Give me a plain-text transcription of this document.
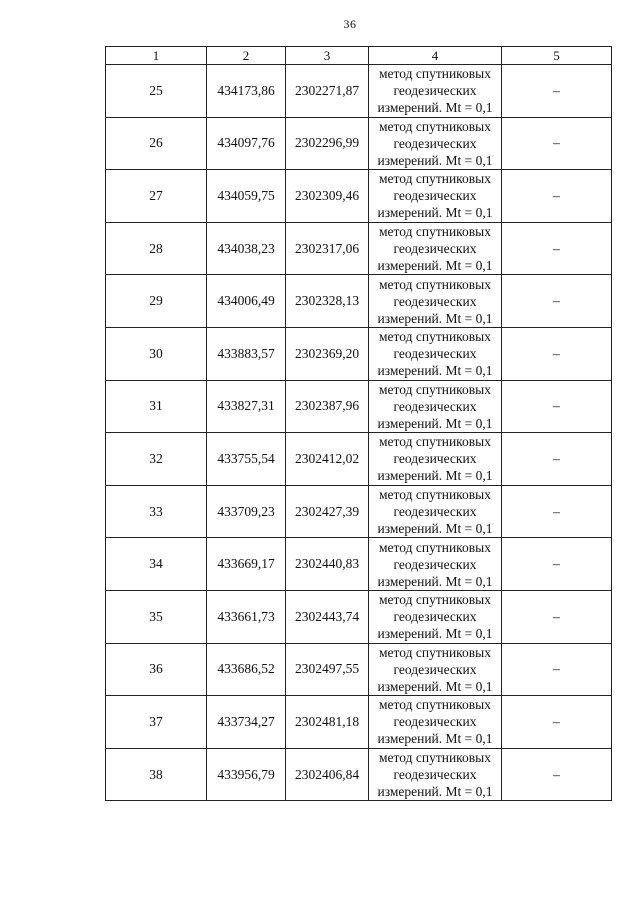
36
1	2	3	4	5
25	434173,86	2302271,87	метод спутниковых
геодезических
измерений. Mt = 0,1	–
26	434097,76	2302296,99	метод спутниковых
геодезических
измерений. Mt = 0,1	–
27	434059,75	2302309,46	метод спутниковых
геодезических
измерений. Mt = 0,1	–
28	434038,23	2302317,06	метод спутниковых
геодезических
измерений. Mt = 0,1	–
29	434006,49	2302328,13	метод спутниковых
геодезических
измерений. Mt = 0,1	–
30	433883,57	2302369,20	метод спутниковых
геодезических
измерений. Mt = 0,1	–
31	433827,31	2302387,96	метод спутниковых
геодезических
измерений. Mt = 0,1	–
32	433755,54	2302412,02	метод спутниковых
геодезических
измерений. Mt = 0,1	–
33	433709,23	2302427,39	метод спутниковых
геодезических
измерений. Mt = 0,1	–
34	433669,17	2302440,83	метод спутниковых
геодезических
измерений. Mt = 0,1	–
35	433661,73	2302443,74	метод спутниковых
геодезических
измерений. Mt = 0,1	–
36	433686,52	2302497,55	метод спутниковых
геодезических
измерений. Mt = 0,1	–
37	433734,27	2302481,18	метод спутниковых
геодезических
измерений. Mt = 0,1	–
38	433956,79	2302406,84	метод спутниковых
геодезических
измерений. Mt = 0,1	–
